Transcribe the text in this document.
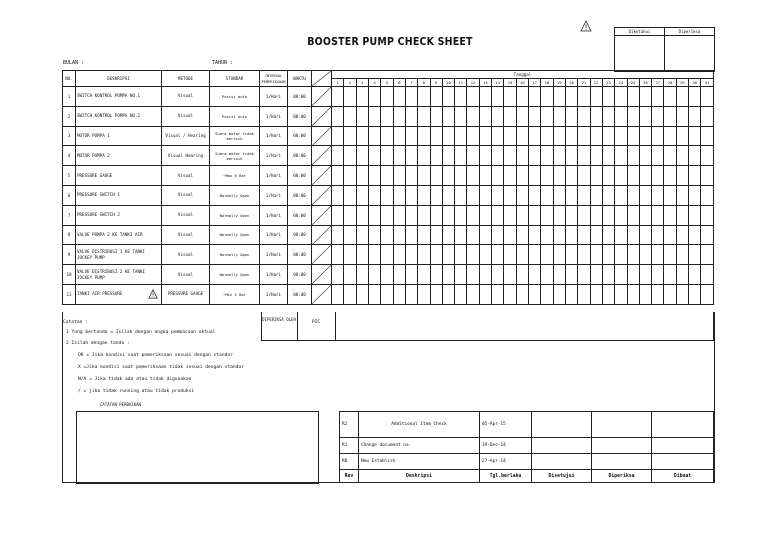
BOOSTER PUMP CHECK SHEET
Diketahui	Diperiksa
BULAN :	TAHUN :
NO.	DESKRIPSI	METODE	STANDAR	INTERVAL PEMERIKSAAN	WAKTU		Tanggal																														
							1	2	3	4	5	6	7	8	9	10	11	12	13	14	15	16	17	18	19	20	21	22	23	24	25	26	27	28	29	30	31
1	SWITCH KONTROL POMPA NO.1	Visual	Posisi auto	1/Hari	08:00	

2	SWITCH KONTROL POMPA NO.2	Visual	Posisi auto	1/Hari	08:00	

3	MOTOR POMPA 1	Visual / Hearing	Suara motor tidak berisik	1/Hari	08:00	

4	MOTOR POMPA 2	Visual Hearing	Suara motor tidak berisik	1/Hari	08:00	

5	PRESSURE GAUGE	Visual	~Max 6 Bar	1/Hari	08:00	

6	PRESSURE SWITCH 1	Visual	Normally Open	1/Hari	08:00	

7	PRESSURE SWITCH 2	Visual	Normally Open	1/Hari	08:00	

8	VALVE POMPA 2 KE TANKI AIR	Visual	Normally Open	1/Hari	08:00	

9	VALVE DISTRIBUSI 1 KE TANKI JOCKEY PUMP	Visual	Normally Open	1/Hari	08:00	

10	VALVE DISTRIBUSI 2 KE TANKI JOCKEY PUMP	Visual	Normally Open	1/Hari	08:00	

11	TANKI AIR PRESSURE	PRESSURE GAUGE	~Min 2 Bar	1/Hari	08:00	

Catatan :
1 Yang bertanda = Isilah dengan angka pembacaan aktual
2 Isilah dengan tanda :
OK = Jika kondisi saat pemeriksaan sesuai dengan standar
X =Jika kondisi saat pemeriksaan tidak sesuai dengan standar
N/A = Jika tidak ada atau tidak digunakan
/ = jika tidak running atau tidak produksi
CATATAN PERBAIKAN
DIPERIKSA OLEH
PIC
R2	Additional Item Check	05-Apr-15			
R1	Change document no.	19-Dec-14			
R0	New Establish	27-Apr-14			
Rev	Deskripsi	Tgl.berlaku	Disetujui	Diperiksa	Dibuat
